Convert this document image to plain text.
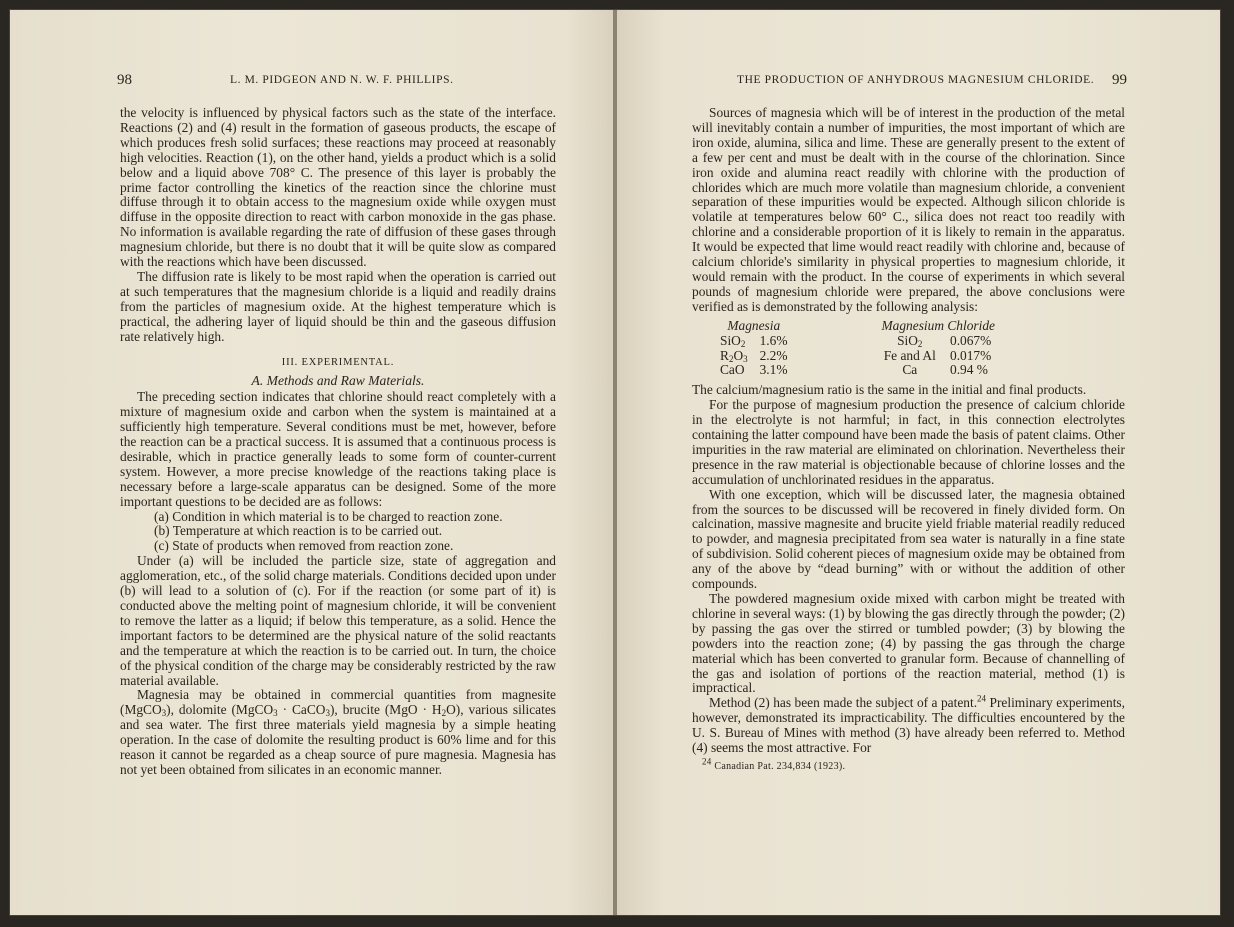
98	L. M. PIDGEON AND N. W. F. PHILLIPS.

the velocity is influenced by physical factors such as the state of the interface. Reactions (2) and (4) result in the formation of gaseous products, the escape of which produces fresh solid surfaces; these reactions may proceed at reasonably high velocities. Reaction (1), on the other hand, yields a product which is a solid below and a liquid above 708° C. The presence of this layer is probably the prime factor controlling the kinetics of the reaction since the chlorine must diffuse through it to obtain access to the magnesium oxide while oxygen must diffuse in the opposite direction to react with carbon monoxide in the gas phase. No information is available regarding the rate of diffusion of these gases through magnesium chloride, but there is no doubt that it will be quite slow as compared with the reactions which have been discussed.

The diffusion rate is likely to be most rapid when the operation is carried out at such temperatures that the magnesium chloride is a liquid and readily drains from the particles of magnesium oxide. At the highest temperature which is practical, the adhering layer of liquid should be thin and the gaseous diffusion rate relatively high.

III. EXPERIMENTAL.
A. Methods and Raw Materials.

The preceding section indicates that chlorine should react completely with a mixture of magnesium oxide and carbon when the system is maintained at a sufficiently high temperature. Several conditions must be met, however, before the reaction can be a practical success. It is assumed that a continuous process is desirable, which in practice generally leads to some form of counter-current system. However, a more precise knowledge of the reactions taking place is necessary before a large-scale apparatus can be designed. Some of the more important questions to be decided are as follows:

(a) Condition in which material is to be charged to reaction zone.

(b) Temperature at which reaction is to be carried out.

(c) State of products when removed from reaction zone.

Under (a) will be included the particle size, state of aggregation and agglomeration, etc., of the solid charge materials. Conditions decided upon under (b) will lead to a solution of (c). For if the reaction (or some part of it) is conducted above the melting point of magnesium chloride, it will be convenient to remove the latter as a liquid; if below this temperature, as a solid. Hence the important factors to be determined are the physical nature of the solid reactants and the temperature at which the reaction is to be carried out. In turn, the choice of the physical condition of the charge may be considerably restricted by the raw material available.

Magnesia may be obtained in commercial quantities from magnesite (MgCO$_3$), dolomite (MgCO$_3$ · CaCO$_3$), brucite $(MgO \cdot H_2O)$, various silicates and sea water. The first three materials yield magnesia by a simple heating operation. In the case of dolomite the resulting product is 60% lime and for this reason it cannot be regarded as a cheap source of pure magnesia. Magnesia has not yet been obtained from silicates in an economic manner.

THE PRODUCTION OF ANHYDROUS MAGNESIUM CHLORIDE. 99

Sources of magnesia which will be of interest in the production of the metal will inevitably contain a number of impurities, the most important of which are iron oxide, alumina, silica and lime. These are generally present to the extent of a few per cent and must be dealt with in the course of the chlorination. Since iron oxide and alumina react readily with chlorine with the production of chlorides which are much more volatile than magnesium chloride, a convenient separation of these impurities would be expected. Although silicon chloride is volatile at temperatures below 60° C., silica does not react too readily with chlorine and a considerable proportion of it is likely to remain in the apparatus. It would be expected that lime would react readily with chlorine and, because of calcium chloride's similarity in physical properties to magnesium chloride, it would remain with the product. In the course of experiments in which several pounds of magnesium chloride were prepared, the above conclusions were verified as is demonstrated by the following analysis:

Magnesia			Magnesium Chloride	
SiO$_2$	1.6%		SiO$_2$	0.067%
$R_2O_3$	2.2%		Fe and Al	0.017%
CaO	3.1%		Ca	0.94 %

The calcium/magnesium ratio is the same in the initial and final products.

For the purpose of magnesium production the presence of calcium chloride in the electrolyte is not harmful; in fact, in this connection electrolytes containing the latter compound have been made the basis of patent claims. Other impurities in the raw material are eliminated on chlorination. Nevertheless their presence in the raw material is objectionable because of chlorine losses and the accumulation of unchlorinated residues in the apparatus.

With one exception, which will be discussed later, the magnesia obtained from the sources to be discussed will be recovered in finely divided form. On calcination, massive magnesite and brucite yield friable material readily reduced to powder, and magnesia precipitated from sea water is naturally in a fine state of subdivision. Solid coherent pieces of magnesium oxide may be obtained from any of the above by “dead burning” with or without the addition of other compounds.

The powdered magnesium oxide mixed with carbon might be treated with chlorine in several ways: (1) by blowing the gas directly through the powder; (2) by passing the gas over the stirred or tumbled powder; (3) by blowing the powders into the reaction zone; (4) by passing the gas through the charge material which has been converted to granular form. Because of channelling of the gas and isolation of portions of the reaction material, method (1) is impractical.

Method (2) has been made the subject of a patent.$^{24}$ Preliminary experiments, however, demonstrated its impracticability. The difficulties encountered by the U. S. Bureau of Mines with method (3) have already been referred to. Method (4) seems the most attractive. For

$^{24}$ Canadian Pat. 234,834 (1923).
